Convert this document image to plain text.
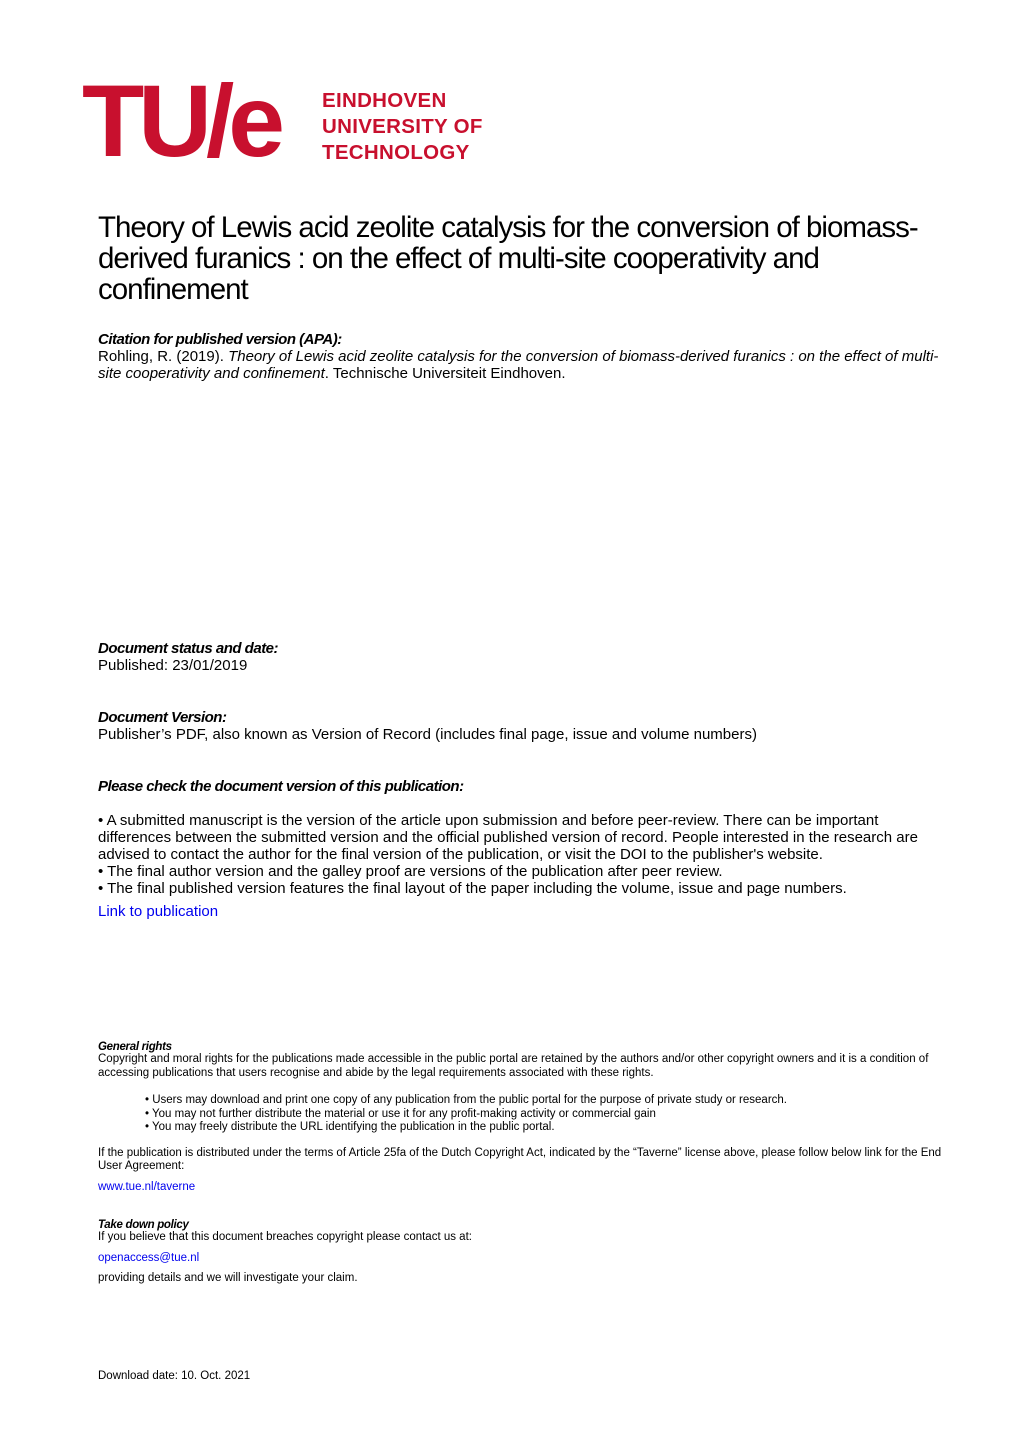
TU/e EINDHOVEN
UNIVERSITY OF
TECHNOLOGY
Theory of Lewis acid zeolite catalysis for the conversion of biomass-derived furanics : on the effect of multi-site cooperativity and confinement
Citation for published version (APA):
Rohling, R. (2019). Theory of Lewis acid zeolite catalysis for the conversion of biomass-derived furanics : on the effect of multi-site cooperativity and confinement. Technische Universiteit Eindhoven.
Document status and date:
Published: 23/01/2019
Document Version:
Publisher’s PDF, also known as Version of Record (includes final page, issue and volume numbers)
Please check the document version of this publication:
• A submitted manuscript is the version of the article upon submission and before peer-review. There can be important differences between the submitted version and the official published version of record. People interested in the research are advised to contact the author for the final version of the publication, or visit the DOI to the publisher's website.
• The final author version and the galley proof are versions of the publication after peer review.
• The final published version features the final layout of the paper including the volume, issue and page numbers.
Link to publication
General rights
Copyright and moral rights for the publications made accessible in the public portal are retained by the authors and/or other copyright owners and it is a condition of accessing publications that users recognise and abide by the legal requirements associated with these rights.
• Users may download and print one copy of any publication from the public portal for the purpose of private study or research.
• You may not further distribute the material or use it for any profit-making activity or commercial gain
• You may freely distribute the URL identifying the publication in the public portal.
If the publication is distributed under the terms of Article 25fa of the Dutch Copyright Act, indicated by the “Taverne” license above, please follow below link for the End User Agreement:
www.tue.nl/taverne
Take down policy
If you believe that this document breaches copyright please contact us at:
openaccess@tue.nl
providing details and we will investigate your claim.
Download date: 10. Oct. 2021
